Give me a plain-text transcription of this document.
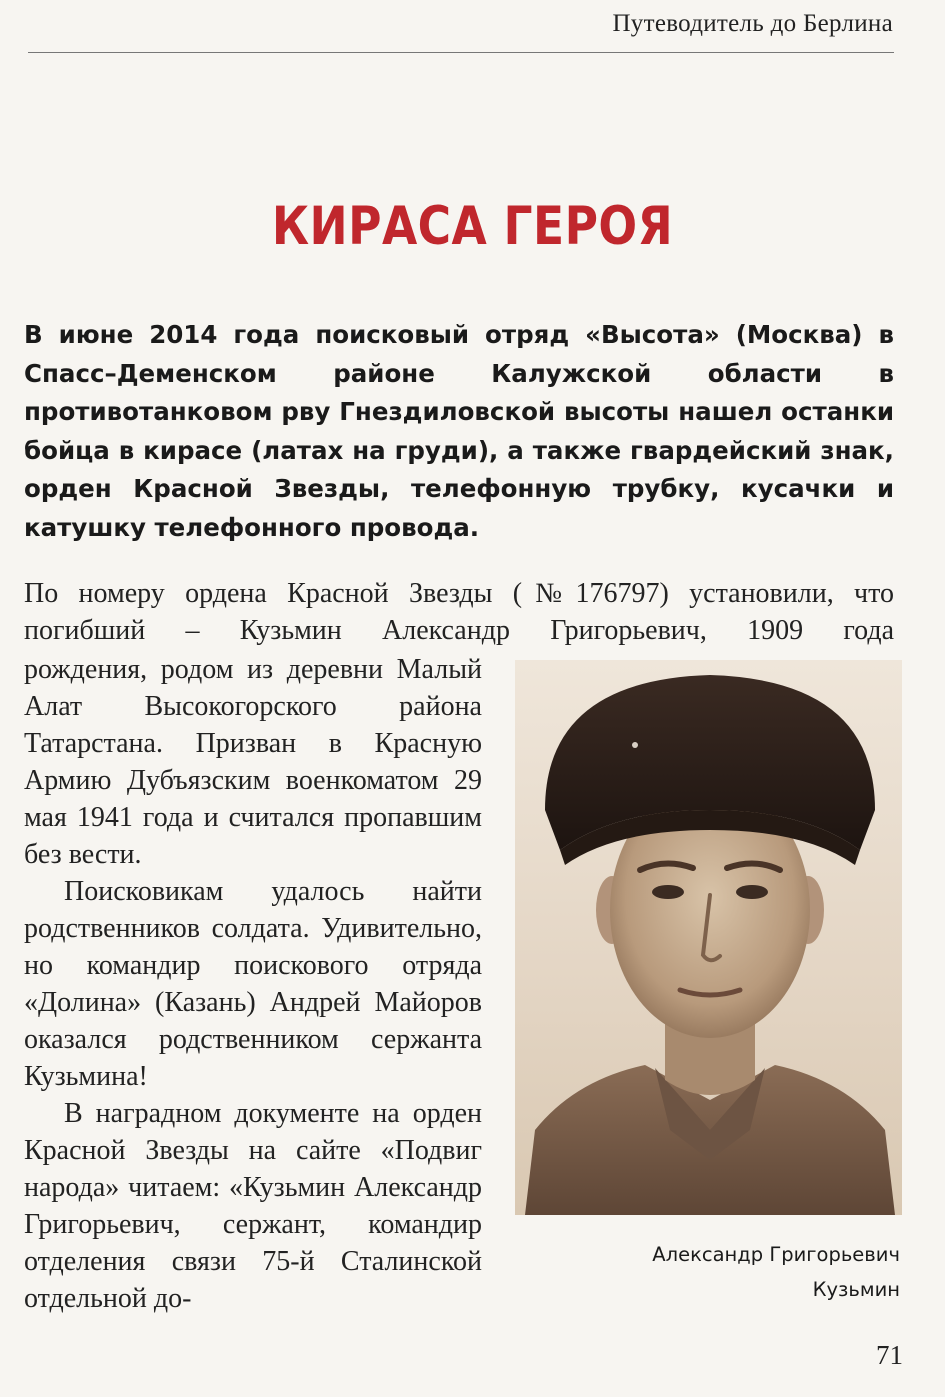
Путеводитель до Берлина
КИРАСА ГЕРОЯ

В июне 2014 года поисковый отряд «Высота» (Москва) в Спасс–Деменском районе Калужской области в противотанковом рву Гнездиловской высоты нашел останки бойца в кирасе (латах на груди), а также гвардейский знак, орден Красной Звезды, телефонную трубку, кусачки и катушку телефонного провода.

По номеру ордена Красной Звезды (№176797) установили, что погибший – Кузьмин Александр Григорьевич, 1909 года

рождения, родом из деревни Малый Алат Высокогорского района Татарстана. Призван в Красную Армию Дубъязским военкоматом 29 мая 1941 года и считался пропавшим без вести.

Поисковикам удалось найти родственников солдата. Удивительно, но командир поискового отряда «Долина» (Казань) Андрей Майоров оказался родственником сержанта Кузьмина!

В наградном документе на орден Красной Звезды на сайте «Подвиг народа» читаем: «Кузьмин Александр Григорьевич, сержант, командир отделения связи 75-й Сталинской отдельной до-

Александр Григорьевич
Кузьмин
71
